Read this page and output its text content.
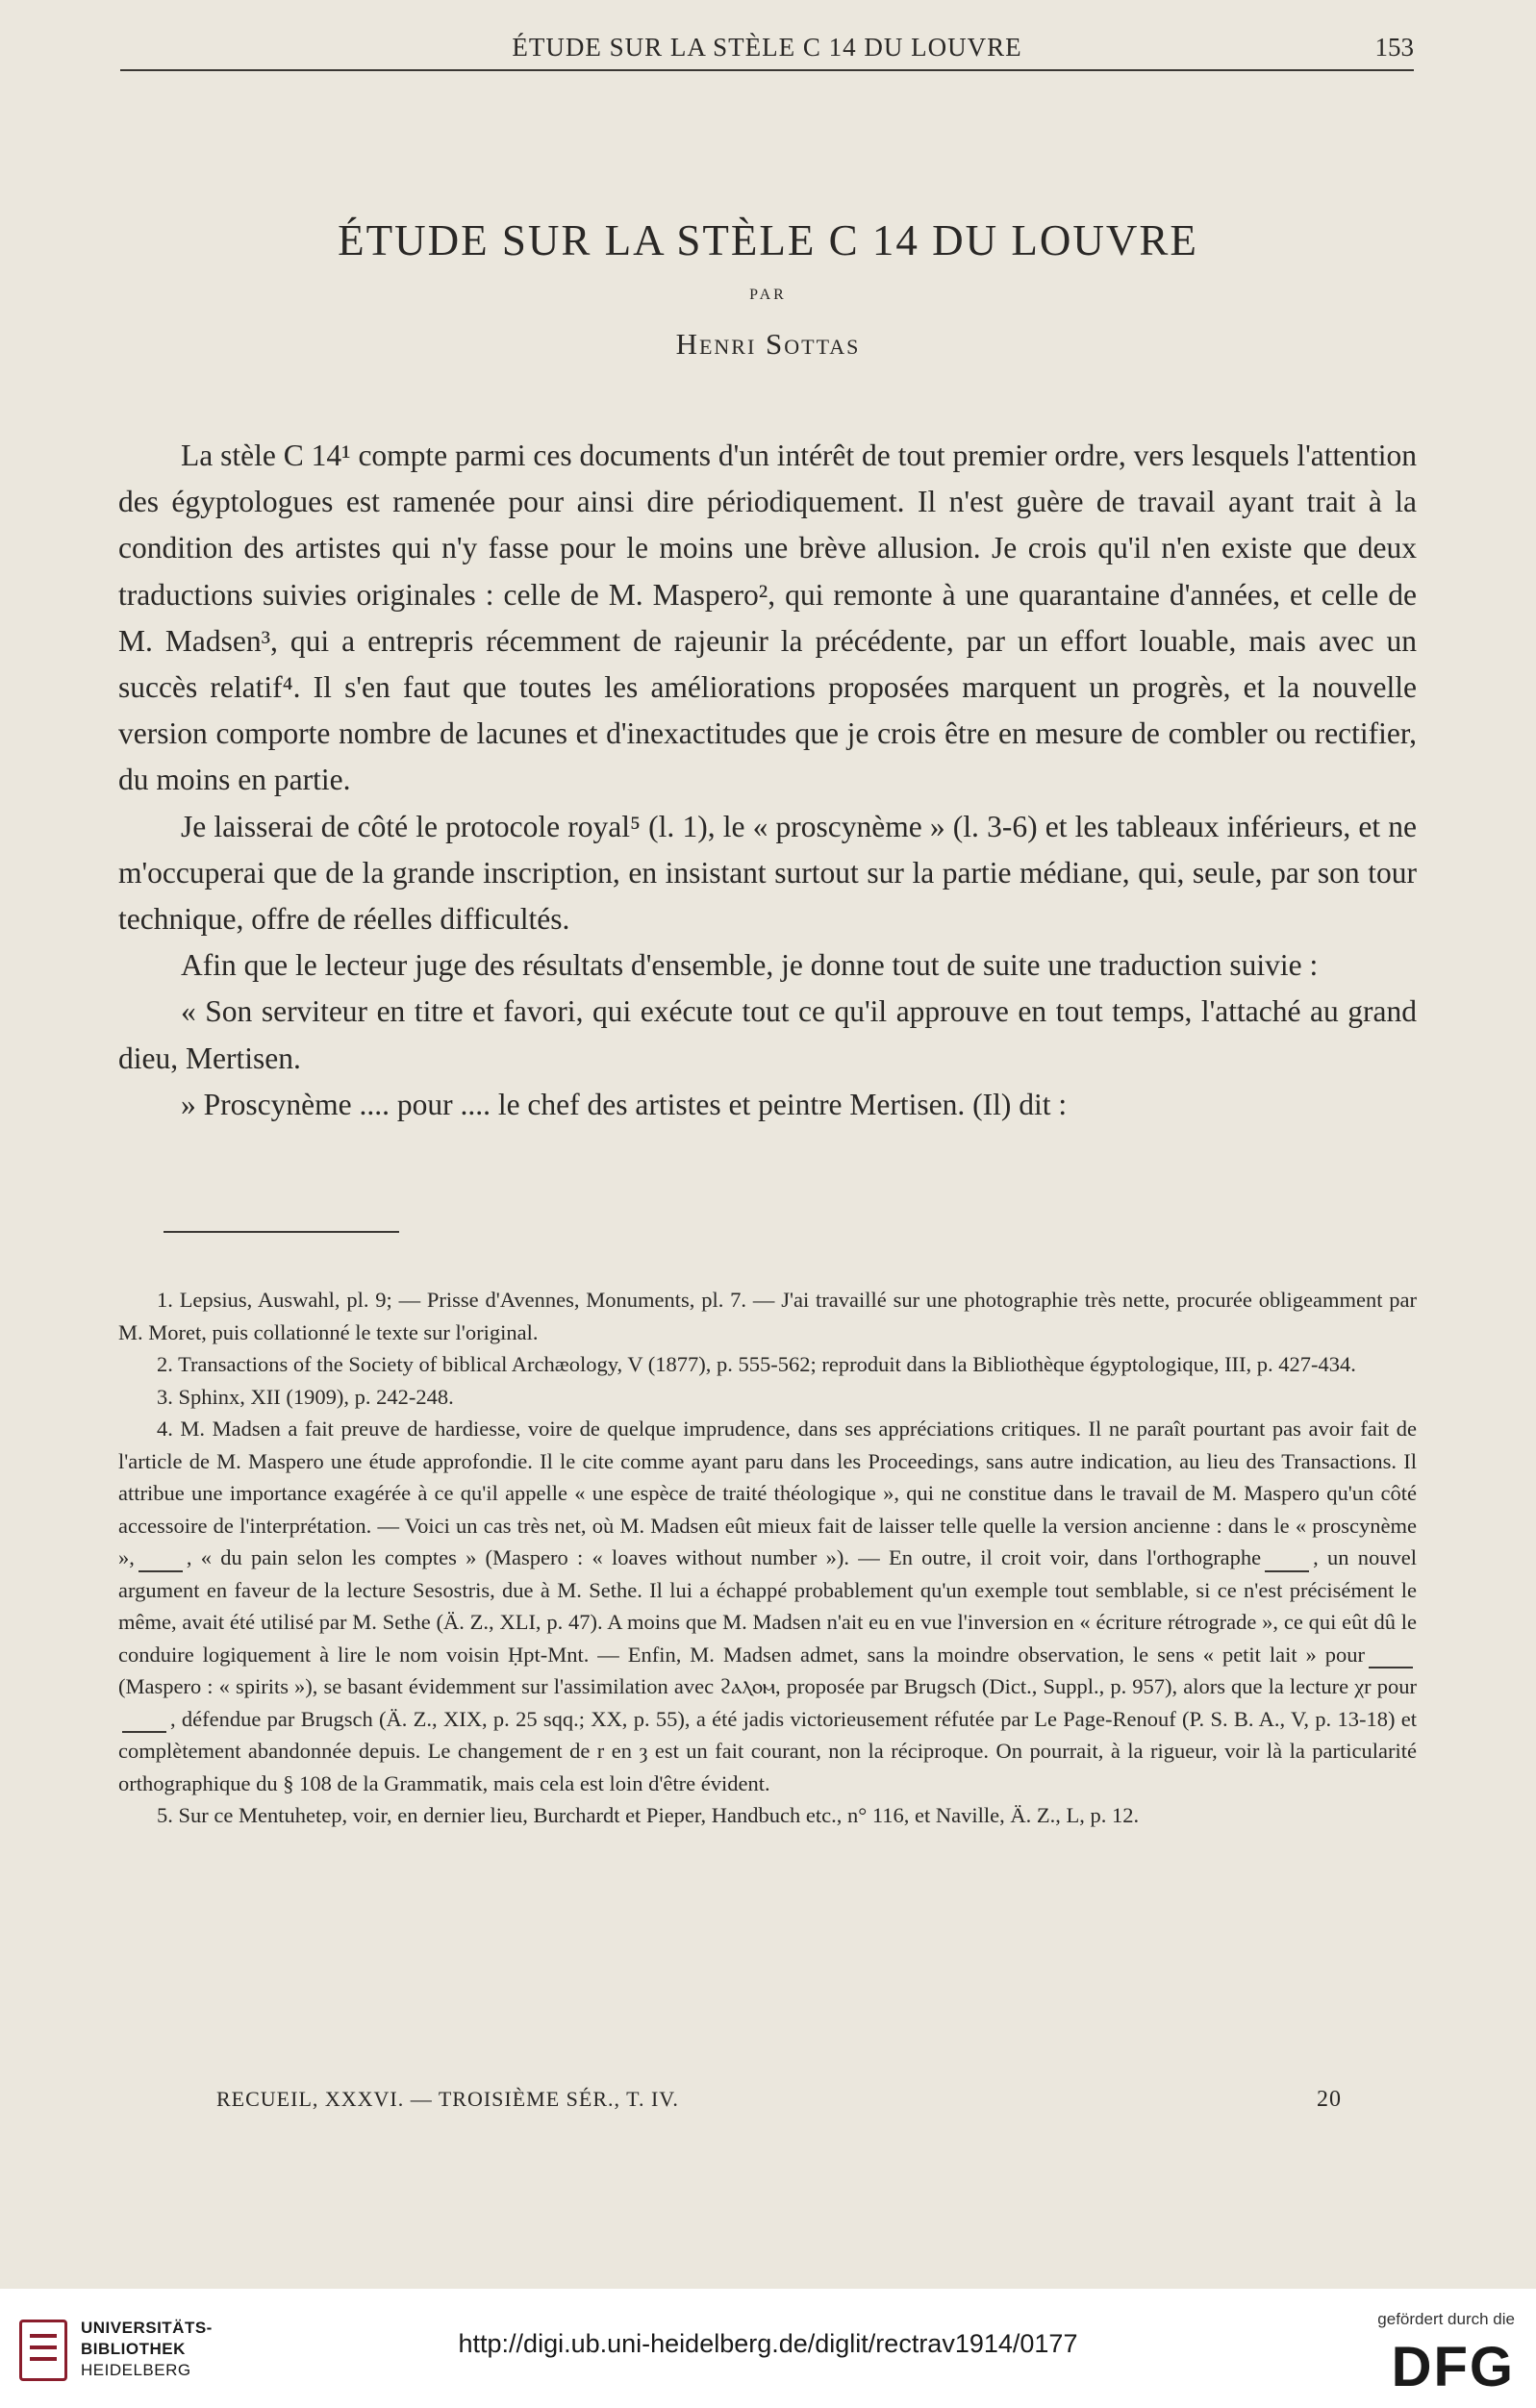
ÉTUDE SUR LA STÈLE C 14 DU LOUVRE	153
ÉTUDE SUR LA STÈLE C 14 DU LOUVRE
PAR
Henri Sottas

La stèle C 14¹ compte parmi ces documents d'un intérêt de tout premier ordre, vers lesquels l'attention des égyptologues est ramenée pour ainsi dire périodiquement. Il n'est guère de travail ayant trait à la condition des artistes qui n'y fasse pour le moins une brève allusion. Je crois qu'il n'en existe que deux traductions suivies originales : celle de M. Maspero², qui remonte à une quarantaine d'années, et celle de M. Madsen³, qui a entrepris récemment de rajeunir la précédente, par un effort louable, mais avec un succès relatif⁴. Il s'en faut que toutes les améliorations proposées marquent un progrès, et la nouvelle version comporte nombre de lacunes et d'inexactitudes que je crois être en mesure de combler ou rectifier, du moins en partie.

Je laisserai de côté le protocole royal⁵ (l. 1), le « proscynème » (l. 3-6) et les tableaux inférieurs, et ne m'occuperai que de la grande inscription, en insistant surtout sur la partie médiane, qui, seule, par son tour technique, offre de réelles difficultés.

Afin que le lecteur juge des résultats d'ensemble, je donne tout de suite une traduction suivie :

« Son serviteur en titre et favori, qui exécute tout ce qu'il approuve en tout temps, l'attaché au grand dieu, Mertisen.

» Proscynème .... pour .... le chef des artistes et peintre Mertisen. (Il) dit :

1. Lepsius, Auswahl, pl. 9; — Prisse d'Avennes, Monuments, pl. 7. — J'ai travaillé sur une photographie très nette, procurée obligeamment par M. Moret, puis collationné le texte sur l'original.

2. Transactions of the Society of biblical Archæology, V (1877), p. 555-562; reproduit dans la Bibliothèque égyptologique, III, p. 427-434.

3. Sphinx, XII (1909), p. 242-248.

4. M. Madsen a fait preuve de hardiesse, voire de quelque imprudence, dans ses appréciations critiques. Il ne paraît pourtant pas avoir fait de l'article de M. Maspero une étude approfondie. Il le cite comme ayant paru dans les Proceedings, sans autre indication, au lieu des Transactions. Il attribue une importance exagérée à ce qu'il appelle « une espèce de traité théologique », qui ne constitue dans le travail de M. Maspero qu'un côté accessoire de l'interprétation. — Voici un cas très net, où M. Madsen eût mieux fait de laisser telle quelle la version ancienne : dans le « proscynème », , « du pain selon les comptes » (Maspero : « loaves without number »). — En outre, il croit voir, dans l'orthographe , un nouvel argument en faveur de la lecture Sesostris, due à M. Sethe. Il lui a échappé probablement qu'un exemple tout semblable, si ce n'est précisément le même, avait été utilisé par M. Sethe (Ä. Z., XLI, p. 47). A moins que M. Madsen n'ait eu en vue l'inversion en « écriture rétrograde », ce qui eût dû le conduire logiquement à lire le nom voisin Ḥpt-Mnt. — Enfin, M. Madsen admet, sans la moindre observation, le sens « petit lait » pour(Maspero : « spirits »), se basant évidemment sur l'assimilation avec ϩⲁⲗⲟⲙ, proposée par Brugsch (Dict., Suppl., p. 957), alors que la lecture χr pour, défendue par Brugsch (Ä. Z., XIX, p. 25 sqq.; XX, p. 55), a été jadis victorieusement réfutée par Le Page-Renouf (P. S. B. A., V, p. 13-18) et complètement abandonnée depuis. Le changement de r en ȝ est un fait courant, non la réciproque. On pourrait, à la rigueur, voir là la particularité orthographique du § 108 de la Grammatik, mais cela est loin d'être évident.

5. Sur ce Mentuhetep, voir, en dernier lieu, Burchardt et Pieper, Handbuch etc., n° 116, et Naville, Ä. Z., L, p. 12.

RECUEIL, XXXVI. — TROISIÈME SÉR., T. IV.	20
UNIVERSITÄTS-
BIBLIOTHEK
HEIDELBERG
http://digi.ub.uni-heidelberg.de/diglit/rectrav1914/0177
gefördert durch die
DFG
